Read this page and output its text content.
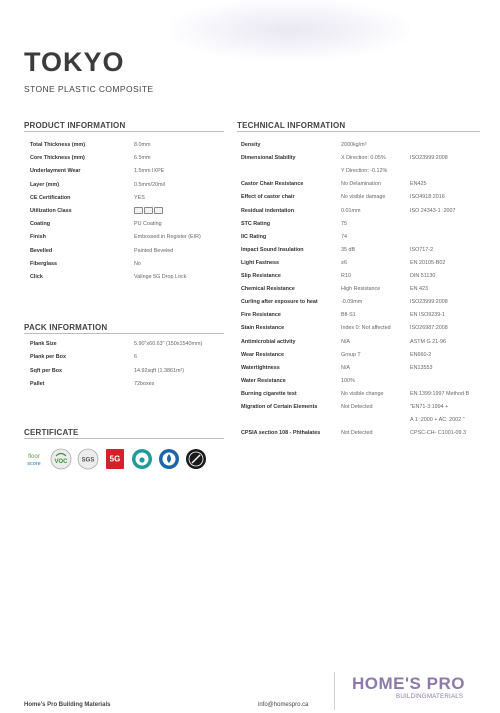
TOKYO
STONE PLASTIC COMPOSITE
PRODUCT INFORMATION
Total Thickness (mm)	8.0mm
Core Thickness (mm)	6.5mm
Underlayment Wear	1.5mm IXPE
Layer (mm)	0.5mm/20mil
CE Certification	YES
Utilization Class
Coating	PU Coating
Finish	Embossed in Register (EIR)
Bevelled	Painted Beveled
Fiberglass	No
Click	Valinge 5G Drop Lock
PACK INFORMATION
Plank Size	5.90"x60.63" (150x1540mm)
Plank per Box	6
Sqft per Box	14.92sqft (1.3861m²)
Pallet	72boxes
CERTIFICATE
floor
score VOC SGS 5G
TECHNICAL INFORMATION
Density	2000kg/m³
Dimensional Stability	X Direction: 0.05%	ISO23999:2008
Y Direction: -0.12%
Castor Chair Resistance	No Delamination	EN425
Effect of castor chair	No visible damage	ISO4918:2016
Residual indentation	0.01mm	ISO 24343-1 :2007
STC Rating	75
IIC Rating	74
Impact Sound Insulation	35 dB	ISO717-2
Light Fastness	≥6	EN 20105-B02
Slip Resistance	R10	DIN 51130
Chemical Resistance	High Resistance	EN 423
Curling after exposure to heat	-0.09mm	ISO23999:2008
Fire Resistance	Bfl-S1	EN ISO9239-1
Stain Resistance	Index 0: Not affected	ISO26987:2008
Antimicrobial activity	N/A	ASTM G 21-96
Wear Resistance	Group T	EN660-2
Watertightness	N/A	EN13553
Water Resistance	100%
Burning cigarette test	No visible change	EN 1399:1997 Method B
Migration of Certain Elements	Not Detected	"EN71-3:1994 +
A 1 :2000 + AC: 2002 "
CPSIA section 108 - Phthalates	Not Detected	CPSC-CH- C1001-09.3
Home's Pro Building Materials	info@homespro.ca
HOME'S PRO
BUILDINGMATERIALS
